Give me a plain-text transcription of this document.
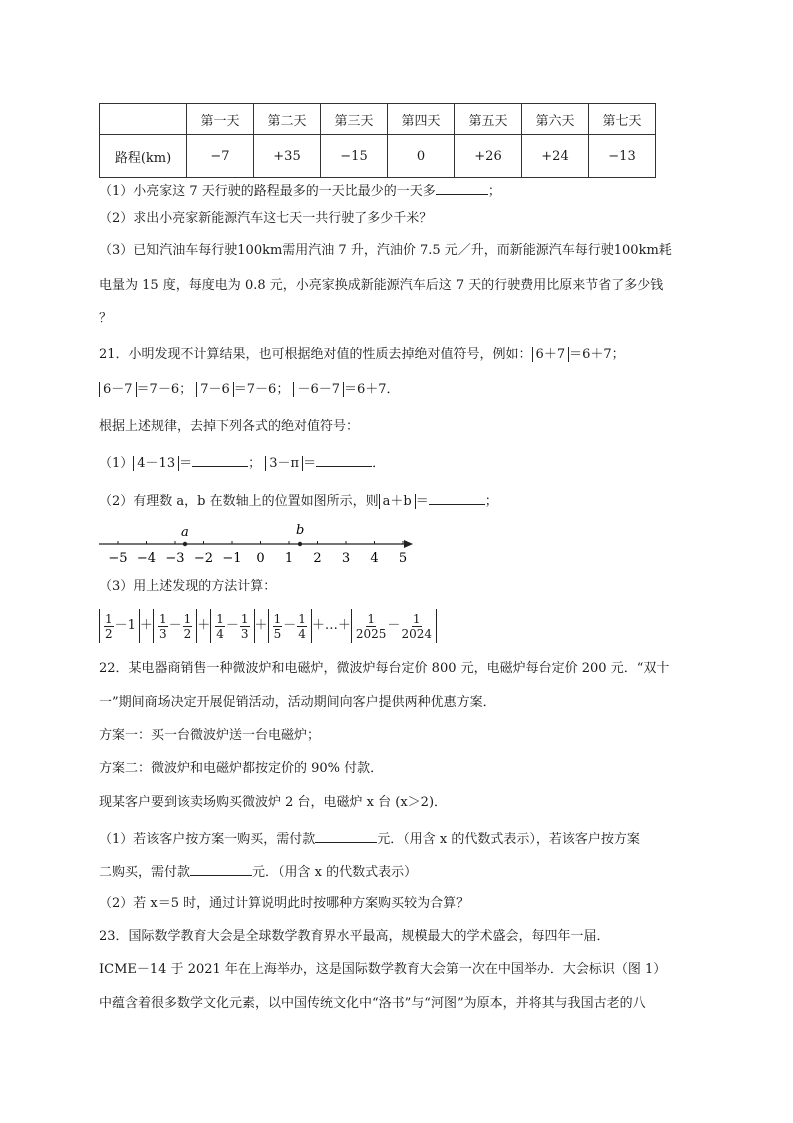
	第一天	第二天	第三天	第四天	第五天	第六天	第七天
路程(km)	−7	+35	−15	0	+26	+24	−13
（1）小亮家这 7 天行驶的路程最多的一天比最少的一天多	；
（2）求出小亮家新能源汽车这七天一共行驶了多少千米？
（3）已知汽油车每行驶100km需用汽油 7 升，汽油价 7.5 元／升，而新能源汽车每行驶100km耗
电量为 15 度，每度电为 0.8 元，小亮家换成新能源汽车后这 7 天的行驶费用比原来节省了多少钱
？
21．小明发现不计算结果，也可根据绝对值的性质去掉绝对值符号，例如： 6＋7 ＝6＋7；
6－7 ＝7－6； 7－6 ＝7－6； －6－7 ＝6＋7．
根据上述规律，去掉下列各式的绝对值符号：
（1） 4－13 ＝	； 3－π ＝	．
（2）有理数 a，b 在数轴上的位置如图所示，则 a＋b ＝	；
−5 −4 −3 −2 −1 0 1 2 3 4 5
a	b
（3）用上述发现的方法计算：
$\frac{1}{2} -1 + \frac{1}{3} - \frac{1}{2} + \frac{1}{4} - \frac{1}{3} + \frac{1}{5} - \frac{1}{4}$ ＋…＋ $\frac{1}{2025} - \frac{1}{2024}$
22．某电器商销售一种微波炉和电磁炉，微波炉每台定价 800 元，电磁炉每台定价 200 元．“双十
一”期间商场决定开展促销活动，活动期间向客户提供两种优惠方案．
方案一：买一台微波炉送一台电磁炉；
方案二：微波炉和电磁炉都按定价的 90% 付款．
现某客户要到该卖场购买微波炉 2 台，电磁炉 x 台 (x＞2)．
（1）若该客户按方案一购买，需付款	元．（用含 x 的代数式表示），若该客户按方案
二购买，需付款	元．（用含 x 的代数式表示）
（2）若 x＝5 时，通过计算说明此时按哪种方案购买较为合算？
23．国际数学教育大会是全球数学教育界水平最高，规模最大的学术盛会，每四年一届．
ICME－14 于 2021 年在上海举办，这是国际数学教育大会第一次在中国举办．大会标识（图 1）
中蕴含着很多数学文化元素，以中国传统文化中“洛书”与“河图”为原本，并将其与我国古老的八
